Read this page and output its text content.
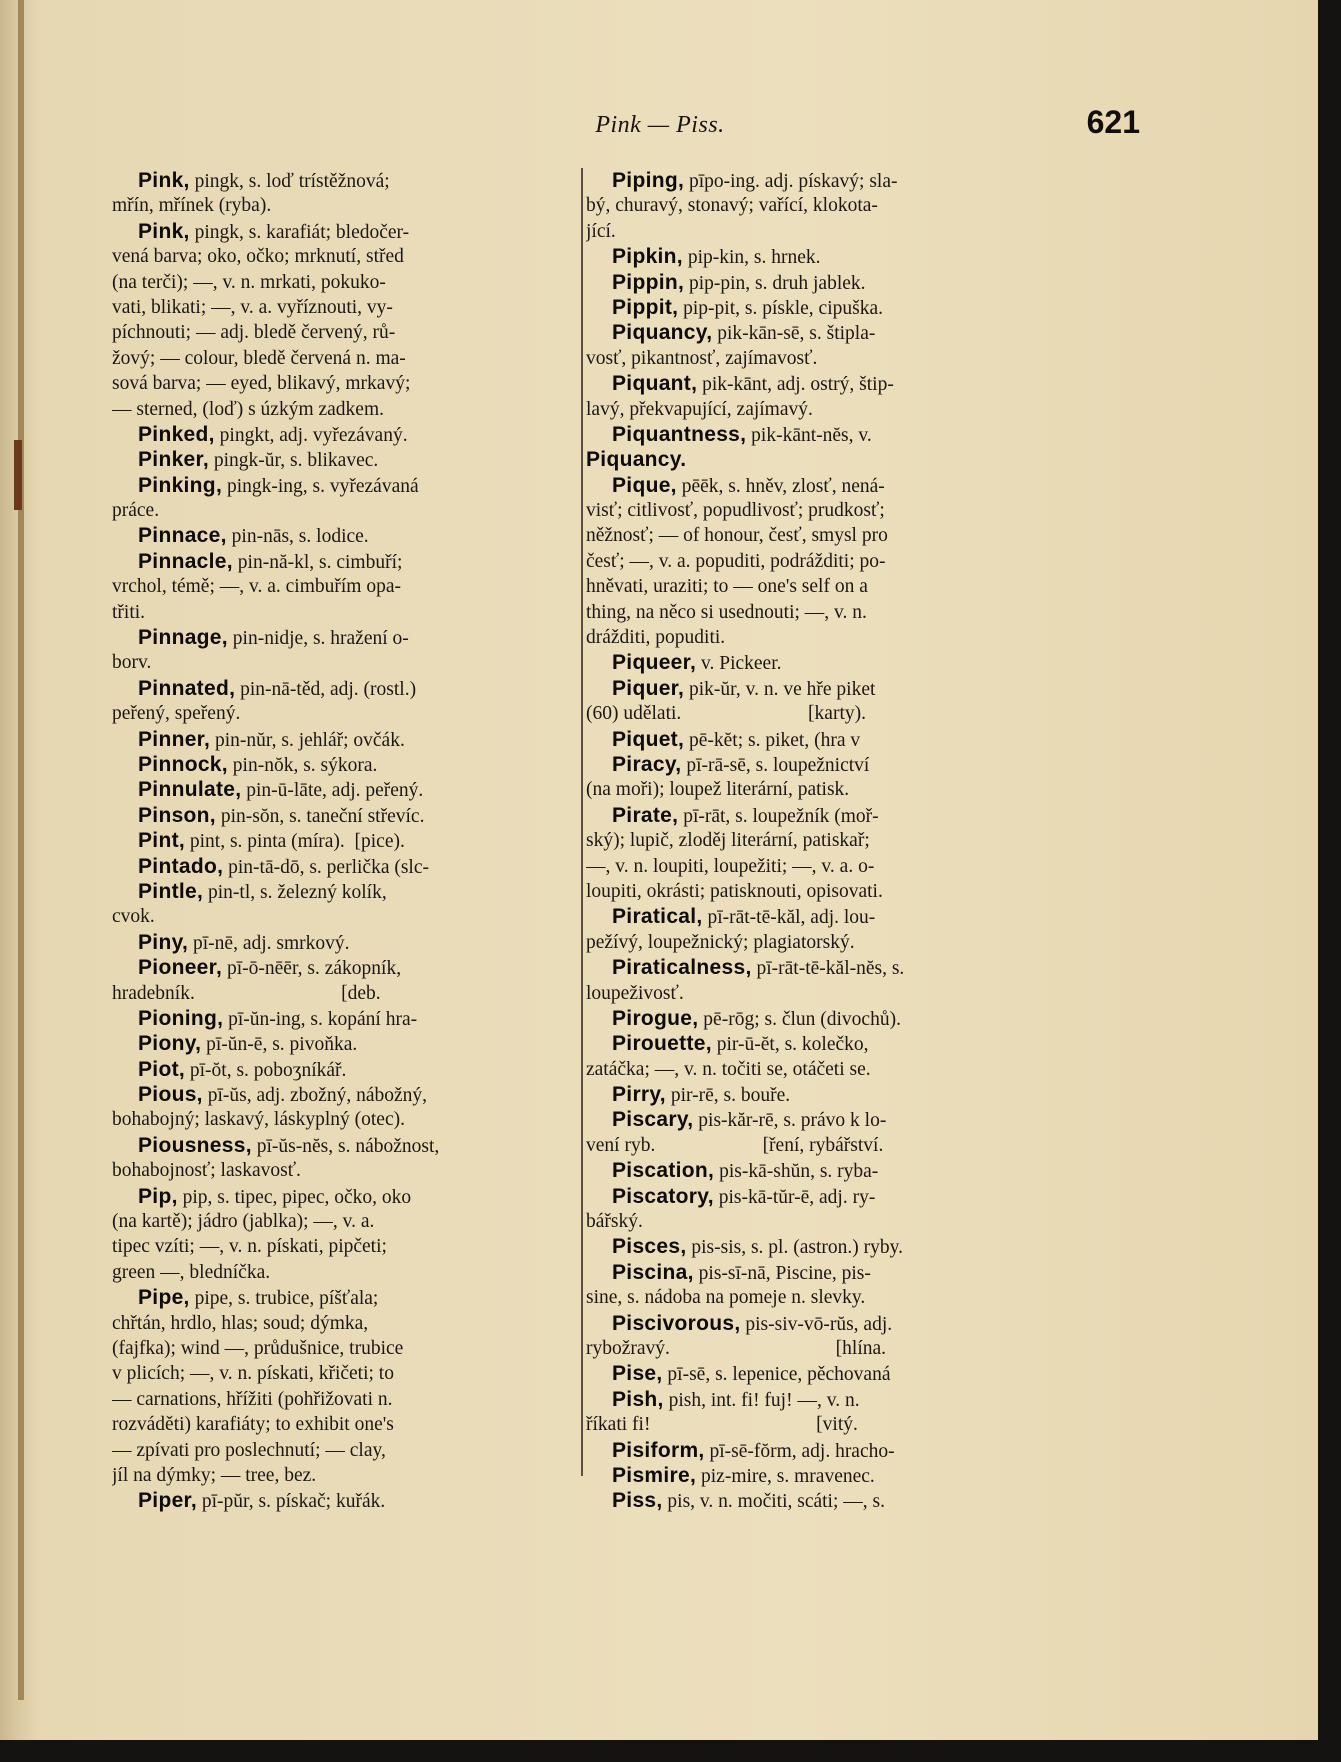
Pink — Piss.	621
Pink, pingk, s. loď trístěžnová;
mřín, mřínek (ryba).
Pink, pingk, s. karafiát; bledočer-
vená barva; oko, očko; mrknutí, střed
(na terči); —, v. n. mrkati, pokuko-
vati, blikati; —, v. a. vyříznouti, vy-
píchnouti; — adj. bledě červený, rů-
žový; — colour, bledě červená n. ma-
sová barva; — eyed, blikavý, mrkavý;
— sterned, (loď) s úzkým zadkem.
Pinked, pingkt, adj. vyřezávaný.
Pinker, pingk-ŭr, s. blikavec.
Pinking, pingk-ing, s. vyřezávaná
práce.
Pinnace, pin-nās, s. lodice.
Pinnacle, pin-nă-kl, s. cimbuří;
vrchol, témě; —, v. a. cimbuřím opa-
třiti.
Pinnage, pin-nidje, s. hražení o-
borv.
Pinnated, pin-nā-těd, adj. (rostl.)
peřený, speřený.
Pinner, pin-nŭr, s. jehlář; ovčák.
Pinnock, pin-nŏk, s. sýkora.
Pinnulate, pin-ū-lāte, adj. peřený.
Pinson, pin-sŏn, s. taneční střevíc.
Pint, pint, s. pinta (míra).  [pice).
Pintado, pin-tā-dō, s. perlička (slc-
Pintle, pin-tl, s. železný kolík,
cvok.
Piny, pī-nē, adj. smrkový.
Pioneer, pī-ō-nēēr, s. zákopník,
hradebník.                              [deb.
Pioning, pī-ŭn-ing, s. kopání hra-
Piony, pī-ŭn-ē, s. pivoňka.
Piot, pī-ŏt, s. poboʒníkář.
Pious, pī-ŭs, adj. zbožný, nábožný,
bohabojný; laskavý, láskyplný (otec).
Piousness, pī-ŭs-nĕs, s. nábožnost,
bohabojnosť; laskavosť.
Pip, pip, s. tipec, pipec, očko, oko
(na kartě); jádro (jablka); —, v. a.
tipec vzíti; —, v. n. pískati, pipčeti;
green —, bledníčka.
Pipe, pipe, s. trubice, píšťala;
chřtán, hrdlo, hlas; soud; dýmka,
(fajfka); wind —, průdušnice, trubice
v plicích; —, v. n. pískati, křičeti; to
— carnations, hřížiti (pohřižovati n.
rozváděti) karafiáty; to exhibit one's
— zpívati pro poslechnutí; — clay,
jíl na dýmky; — tree, bez.
Piper, pī-pŭr, s. pískač; kuřák.
Piping, pīpo-ing. adj. pískavý; sla-
bý, churavý, stonavý; vařící, klokota-
jící.
Pipkin, pip-kin, s. hrnek.
Pippin, pip-pin, s. druh jablek.
Pippit, pip-pit, s. pískle, cipuška.
Piquancy, pik-kān-sē, s. štipla-
vosť, pikantnosť, zajímavosť.
Piquant, pik-kānt, adj. ostrý, štip-
lavý, překvapující, zajímavý.
Piquantness, pik-kānt-nĕs, v.
Piquancy.
Pique, pēēk, s. hněv, zlosť, nená-
visť; citlivosť, popudlivosť; prudkosť;
něžnosť; — of honour, česť, smysl pro
česť; —, v. a. popuditi, podrážditi; po-
hněvati, uraziti; to — one's self on a
thing, na něco si usednouti; —, v. n.
drážditi, popuditi.
Piqueer, v. Pickeer.
Piquer, pik-ŭr, v. n. ve hře piket
(60) udělati.                          [karty).
Piquet, pē-kĕt; s. piket, (hra v
Piracy, pī-rā-sē, s. loupežnictví
(na moři); loupež literární, patisk.
Pirate, pī-rāt, s. loupežník (moř-
ský); lupič, zloděj literární, patiskař;
—, v. n. loupiti, loupežiti; —, v. a. o-
loupiti, okrásti; patisknouti, opisovati.
Piratical, pī-rāt-tē-kăl, adj. lou-
pežívý, loupežnický; plagiatorský.
Piraticalness, pī-rāt-tē-kăl-nĕs, s.
loupeživosť.
Pirogue, pē-rōg; s. člun (divochů).
Pirouette, pir-ū-ĕt, s. kolečko,
zatáčka; —, v. n. točiti se, otáčeti se.
Pirry, pir-rē, s. bouře.
Piscary, pis-kăr-rē, s. právo k lo-
vení ryb.                      [ření, rybářství.
Piscation, pis-kā-shŭn, s. ryba-
Piscatory, pis-kā-tŭr-ē, adj. ry-
bářský.
Pisces, pis-sis, s. pl. (astron.) ryby.
Piscina, pis-sī-nā, Piscine, pis-
sine, s. nádoba na pomeje n. slevky.
Piscivorous, pis-siv-vō-rŭs, adj.
rybožravý.                                  [hlína.
Pise, pī-sē, s. lepenice, pěchovaná
Pish, pish, int. fi! fuj! —, v. n.
říkati fi!                                  [vitý.
Pisiform, pī-sē-fŏrm, adj. hracho-
Pismire, piz-mire, s. mravenec.
Piss, pis, v. n. močiti, scáti; —, s.
